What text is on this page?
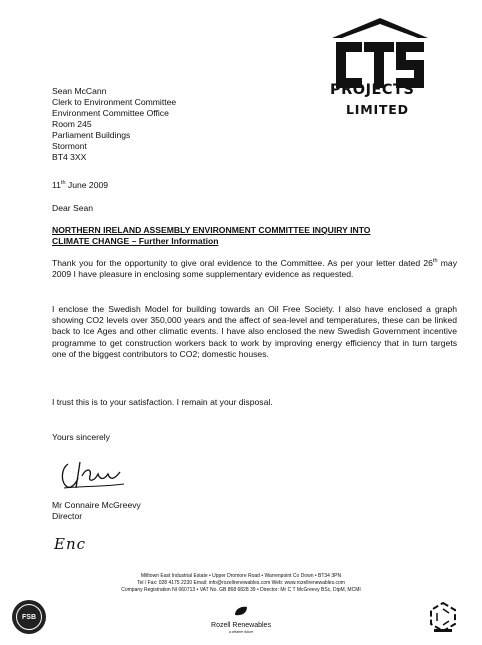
PROJECTS
LIMITED
Sean McCann
Clerk to Environment Committee
Environment Committee Office
Room 245
Parliament Buildings
Stormont
BT4 3XX
11th June 2009
Dear Sean
NORTHERN IRELAND ASSEMBLY ENVIRONMENT COMMITTEE INQUIRY INTO CLIMATE CHANGE – Further Information
Thank you for the opportunity to give oral evidence to the Committee. As per your letter dated 26th may 2009 I have pleasure in enclosing some supplementary evidence as requested.
I enclose the Swedish Model for building towards an Oil Free Society. I also have enclosed a graph showing CO2 levels over 350,000 years and the affect of sea-level and temperatures, these can be linked back to Ice Ages and other climatic events. I have also enclosed the new Swedish Government incentive programme to get construction workers back to work by improving energy efficiency that in turn targets one of the biggest contributors to CO2; domestic houses.
I trust this is to your satisfaction. I remain at your disposal.
Yours sincerely
Mr Connaire McGreevy
Director
Enc
Milltown East Industrial Estate • Upper Dromore Road • Warrenpoint Co Down • BT34 3PN
Tel / Fax: 028 4175 2230 Email: info@rozellrenewables.com Web: www.rozellrenewables.com
Company Registration NI 060713 • VAT No. GB 868 6828 39 • Director: Mr C T McGreevy BSc, DipM, MCMI
FSB
Rozell Renewables
a cleaner future
